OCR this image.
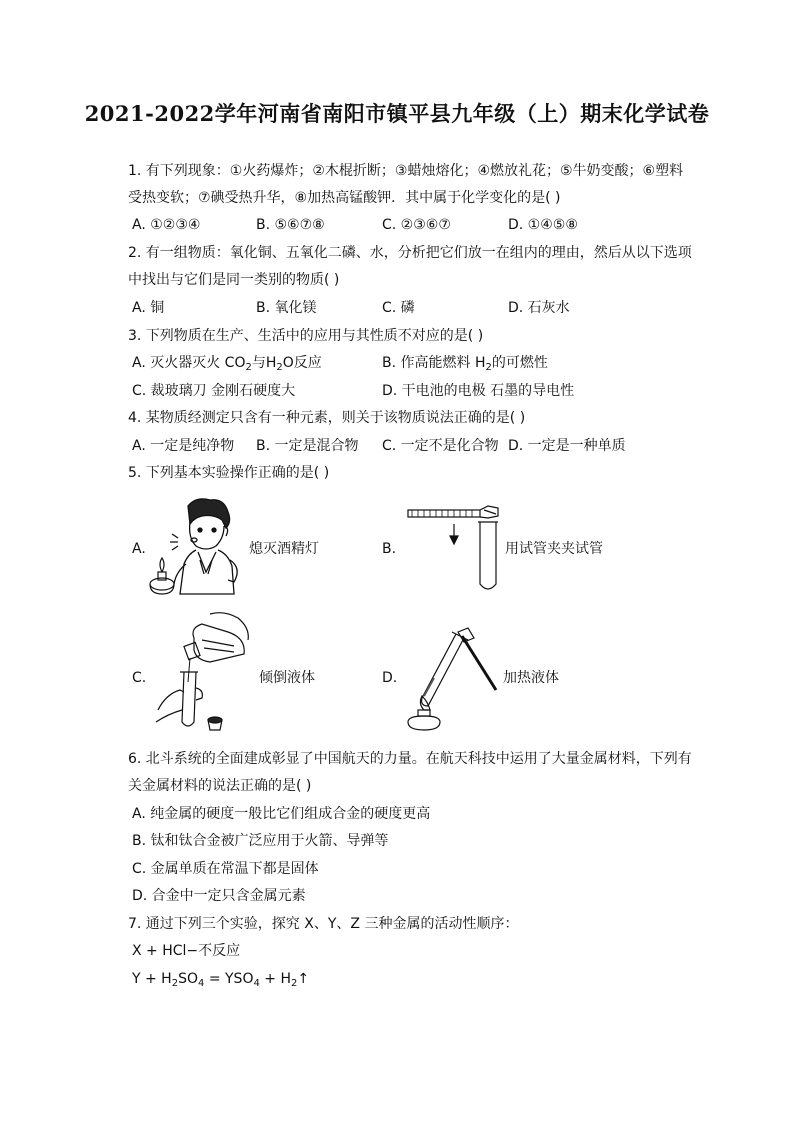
2021-2022学年河南省南阳市镇平县九年级（上）期末化学试卷
1. 有下列现象：①火药爆炸；②木棍折断；③蜡烛熔化；④燃放礼花；⑤牛奶变酸；⑥塑料
受热变软；⑦碘受热升华，⑧加热高锰酸钾．其中属于化学变化的是( )
A. ①②③④	B. ⑤⑥⑦⑧	C. ②③⑥⑦	D. ①④⑤⑧
2. 有一组物质：氧化铜、五氧化二磷、水，分析把它们放一在组内的理由，然后从以下选项
中找出与它们是同一类别的物质( )
A. 铜	B. 氧化镁	C. 磷	D. 石灰水
3. 下列物质在生产、生活中的应用与其性质不对应的是( )
A. 灭火器灭火 $CO_2$与$H_2O$反应	B. 作高能燃料 $H_2$的可燃性
C. 裁玻璃刀 金刚石硬度大	D. 干电池的电极 石墨的导电性
4. 某物质经测定只含有一种元素，则关于该物质说法正确的是( )
A. 一定是纯净物 B. 一定是混合物 C. 一定不是化合物 D. 一定是一种单质
5. 下列基本实验操作正确的是( )
A.	熄灭酒精灯	B.	用试管夹夹试管
C.	倾倒液体	D.	加热液体
6. 北斗系统的全面建成彰显了中国航天的力量。在航天科技中运用了大量金属材料，下列有
关金属材料的说法正确的是( )
A. 纯金属的硬度一般比它们组成合金的硬度更高
B. 钛和钛合金被广泛应用于火箭、导弹等
C. 金属单质在常温下都是固体
D. 合金中一定只含金属元素
7. 通过下列三个实验，探究 X、Y、Z 三种金属的活动性顺序：
X + HCl−不反应
$Y + H_2SO_4 = YSO_4$ + $H_2↑$
